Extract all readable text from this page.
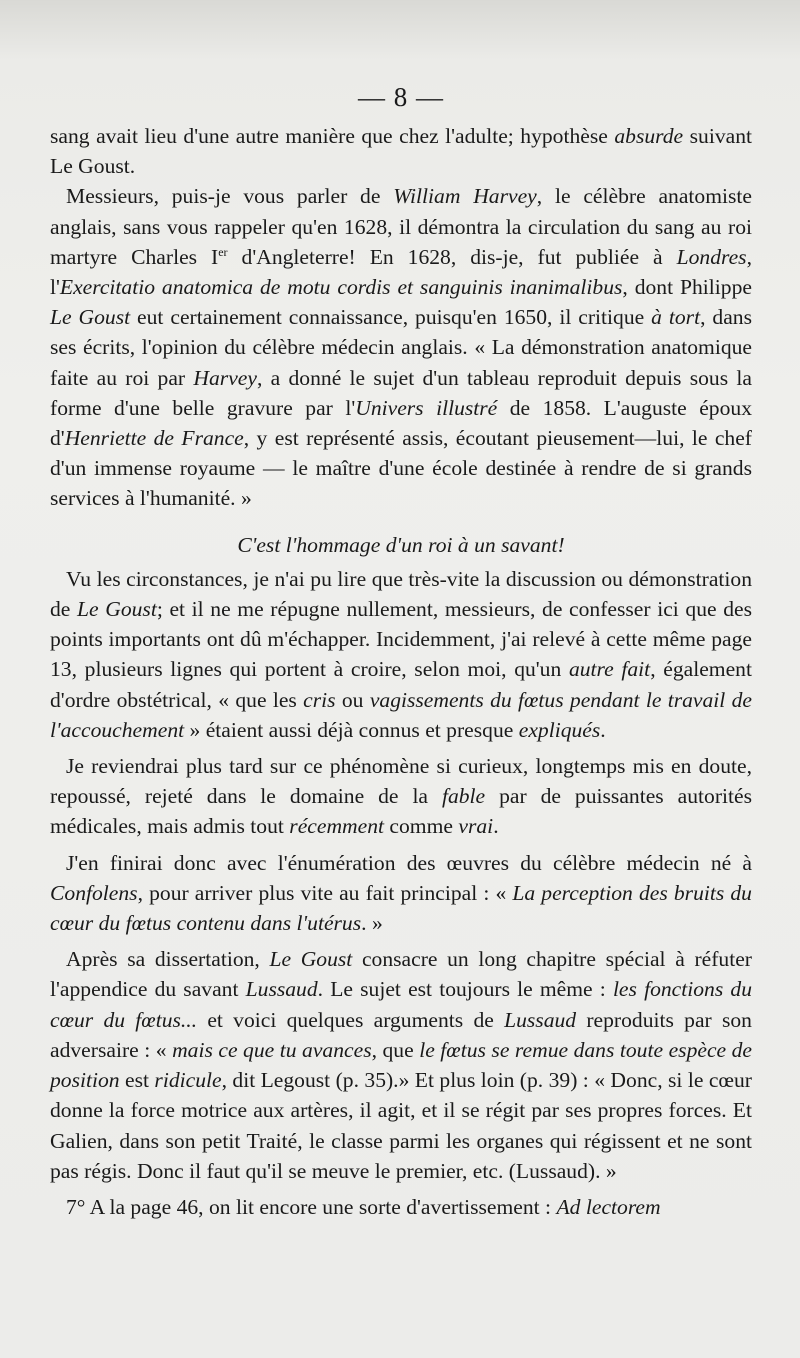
— 8 —

sang avait lieu d'une autre manière que chez l'adulte; hypothèse absurde suivant Le Goust.

Messieurs, puis-je vous parler de William Harvey, le célèbre anatomiste anglais, sans vous rappeler qu'en 1628, il démontra la circulation du sang au roi martyre Charles Ier d'Angleterre! En 1628, dis-je, fut publiée à Londres, l'Exercitatio anatomica de motu cordis et sanguinis inanimalibus, dont Philippe Le Goust eut certainement connaissance, puisqu'en 1650, il critique à tort, dans ses écrits, l'opinion du célèbre médecin anglais. « La démonstration anatomique faite au roi par Harvey, a donné le sujet d'un tableau reproduit depuis sous la forme d'une belle gravure par l'Univers illustré de 1858. L'auguste époux d'Henriette de France, y est représenté assis, écoutant pieusement—lui, le chef d'un immense royaume — le maître d'une école destinée à rendre de si grands services à l'humanité. »

C'est l'hommage d'un roi à un savant!

Vu les circonstances, je n'ai pu lire que très-vite la discussion ou démonstration de Le Goust; et il ne me répugne nullement, messieurs, de confesser ici que des points importants ont dû m'échapper. Incidemment, j'ai relevé à cette même page 13, plusieurs lignes qui portent à croire, selon moi, qu'un autre fait, également d'ordre obstétrical, « que les cris ou vagissements du fœtus pendant le travail de l'accouchement » étaient aussi déjà connus et presque expliqués.

Je reviendrai plus tard sur ce phénomène si curieux, longtemps mis en doute, repoussé, rejeté dans le domaine de la fable par de puissantes autorités médicales, mais admis tout récemment comme vrai.

J'en finirai donc avec l'énumération des œuvres du célèbre médecin né à Confolens, pour arriver plus vite au fait principal : « La perception des bruits du cœur du fœtus contenu dans l'utérus. »

Après sa dissertation, Le Goust consacre un long chapitre spécial à réfuter l'appendice du savant Lussaud. Le sujet est toujours le même : les fonctions du cœur du fœtus... et voici quelques arguments de Lussaud reproduits par son adversaire : « mais ce que tu avances, que le fœtus se remue dans toute espèce de position est ridicule, dit Legoust (p. 35).» Et plus loin (p. 39) : « Donc, si le cœur donne la force motrice aux artères, il agit, et il se régit par ses propres forces. Et Galien, dans son petit Traité, le classe parmi les organes qui régissent et ne sont pas régis. Donc il faut qu'il se meuve le premier, etc. (Lussaud). »

7° A la page 46, on lit encore une sorte d'avertissement : Ad lectorem
